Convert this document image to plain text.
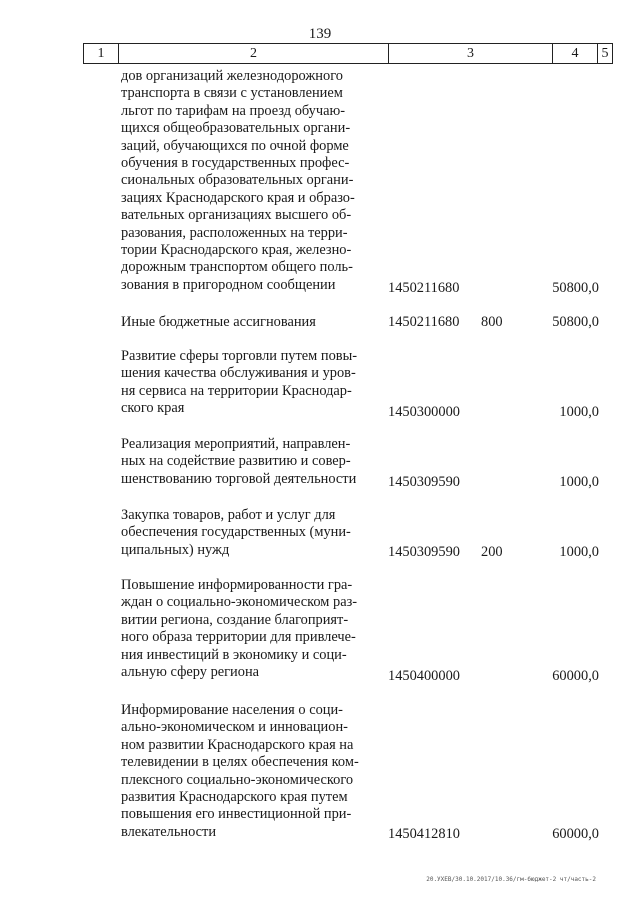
139
1	2	3	4	5
дов организаций железнодорожного
транспорта в связи с установлением
льгот по тарифам на проезд обучаю-
щихся общеобразовательных органи-
заций, обучающихся по очной форме
обучения в государственных профес-
сиональных образовательных органи-
зациях Краснодарского края и образо-
вательных организациях высшего об-
разования, расположенных на терри-
тории Краснодарского края, железно-
дорожным транспортом общего поль-
зования в пригородном сообщении	1450211680	50800,0
Иные бюджетные ассигнования	1450211680 800	50800,0
Развитие сферы торговли путем повы-
шения качества обслуживания и уров-
ня сервиса на территории Краснодар-
ского края	1450300000	1000,0
Реализация мероприятий, направлен-
ных на содействие развитию и совер-
шенствованию торговой деятельности	1450309590	1000,0
Закупка товаров, работ и услуг для
обеспечения государственных (муни-
ципальных) нужд	1450309590 200	1000,0
Повышение информированности гра-
ждан о социально-экономическом раз-
витии региона, создание благоприят-
ного образа территории для привлече-
ния инвестиций в экономику и соци-
альную сферу региона	1450400000	60000,0
Информирование населения о соци-
ально-экономическом и инновацион-
ном развитии Краснодарского края на
телевидении в целях обеспечения ком-
плексного социально-экономического
развития Краснодарского края путем
повышения его инвестиционной при-
влекательности	1450412810	60000,0
20.УХЕВ/30.10.2017/10.36/гм-бюджет-2 чт/часть-2
